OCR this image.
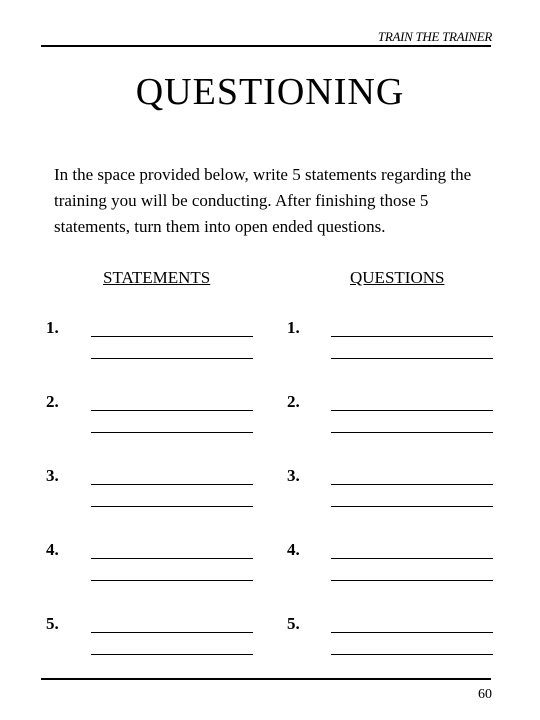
TRAIN THE TRAINER
QUESTIONING

In the space provided below, write 5 statements regarding the training you will be conducting. After finishing those 5 statements, turn them into open ended questions.

STATEMENTS	QUESTIONS
1.	1.
2.	2.
3.	3.
4.	4.
5.	5.
60
